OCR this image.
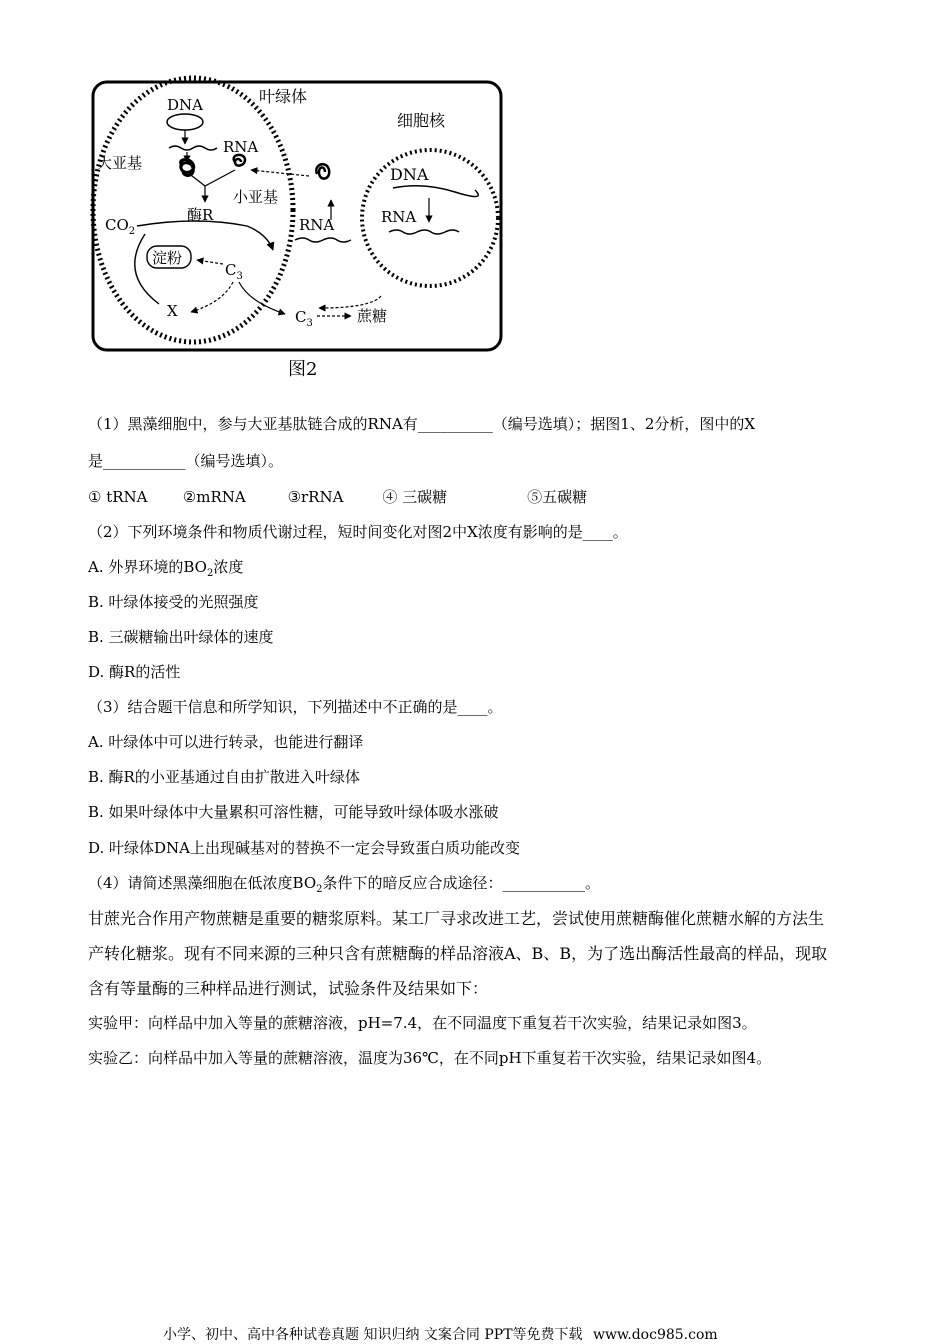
叶绿体
细胞核
DNA
RNA
大亚基
小亚基
酶R
$CO_2$
淀粉
$C_3$
X	$C_3$	蔗糖
DNA
RNA
RNA
图2
（1）黑藻细胞中，参与大亚基肽链合成的RNA有__________（编号选填）；据图1、2分析，图中的X
是___________（编号选填）。
① tRNA ②mRNA	③rRNA	④ 三碳糖	⑤五碳糖
（2）下列环境条件和物质代谢过程，短时间变化对图2中X浓度有影响的是____。
A. 外界环境的$BO_2$浓度
B. 叶绿体接受的光照强度
B. 三碳糖输出叶绿体的速度
D. 酶R的活性
（3）结合题干信息和所学知识，下列描述中不正确的是____。
A. 叶绿体中可以进行转录，也能进行翻译
B. 酶R的小亚基通过自由扩散进入叶绿体
B. 如果叶绿体中大量累积可溶性糖，可能导致叶绿体吸水涨破
D. 叶绿体DNA上出现碱基对的替换不一定会导致蛋白质功能改变
（4）请简述黑藻细胞在低浓度$BO_2$条件下的暗反应合成途径：___________。
甘蔗光合作用产物蔗糖是重要的糖浆原料。某工厂寻求改进工艺，尝试使用蔗糖酶催化蔗糖水解的方法生
产转化糖浆。现有不同来源的三种只含有蔗糖酶的样品溶液A、B、B，为了选出酶活性最高的样品，现取
含有等量酶的三种样品进行测试，试验条件及结果如下：
实验甲：向样品中加入等量的蔗糖溶液，pH=7.4，在不同温度下重复若干次实验，结果记录如图3。
实验乙：向样品中加入等量的蔗糖溶液，温度为36℃，在不同pH下重复若干次实验，结果记录如图4。
小学、初中、高中各种试卷真题 知识归纳 文案合同 PPT等免费下载 www.doc985.com
